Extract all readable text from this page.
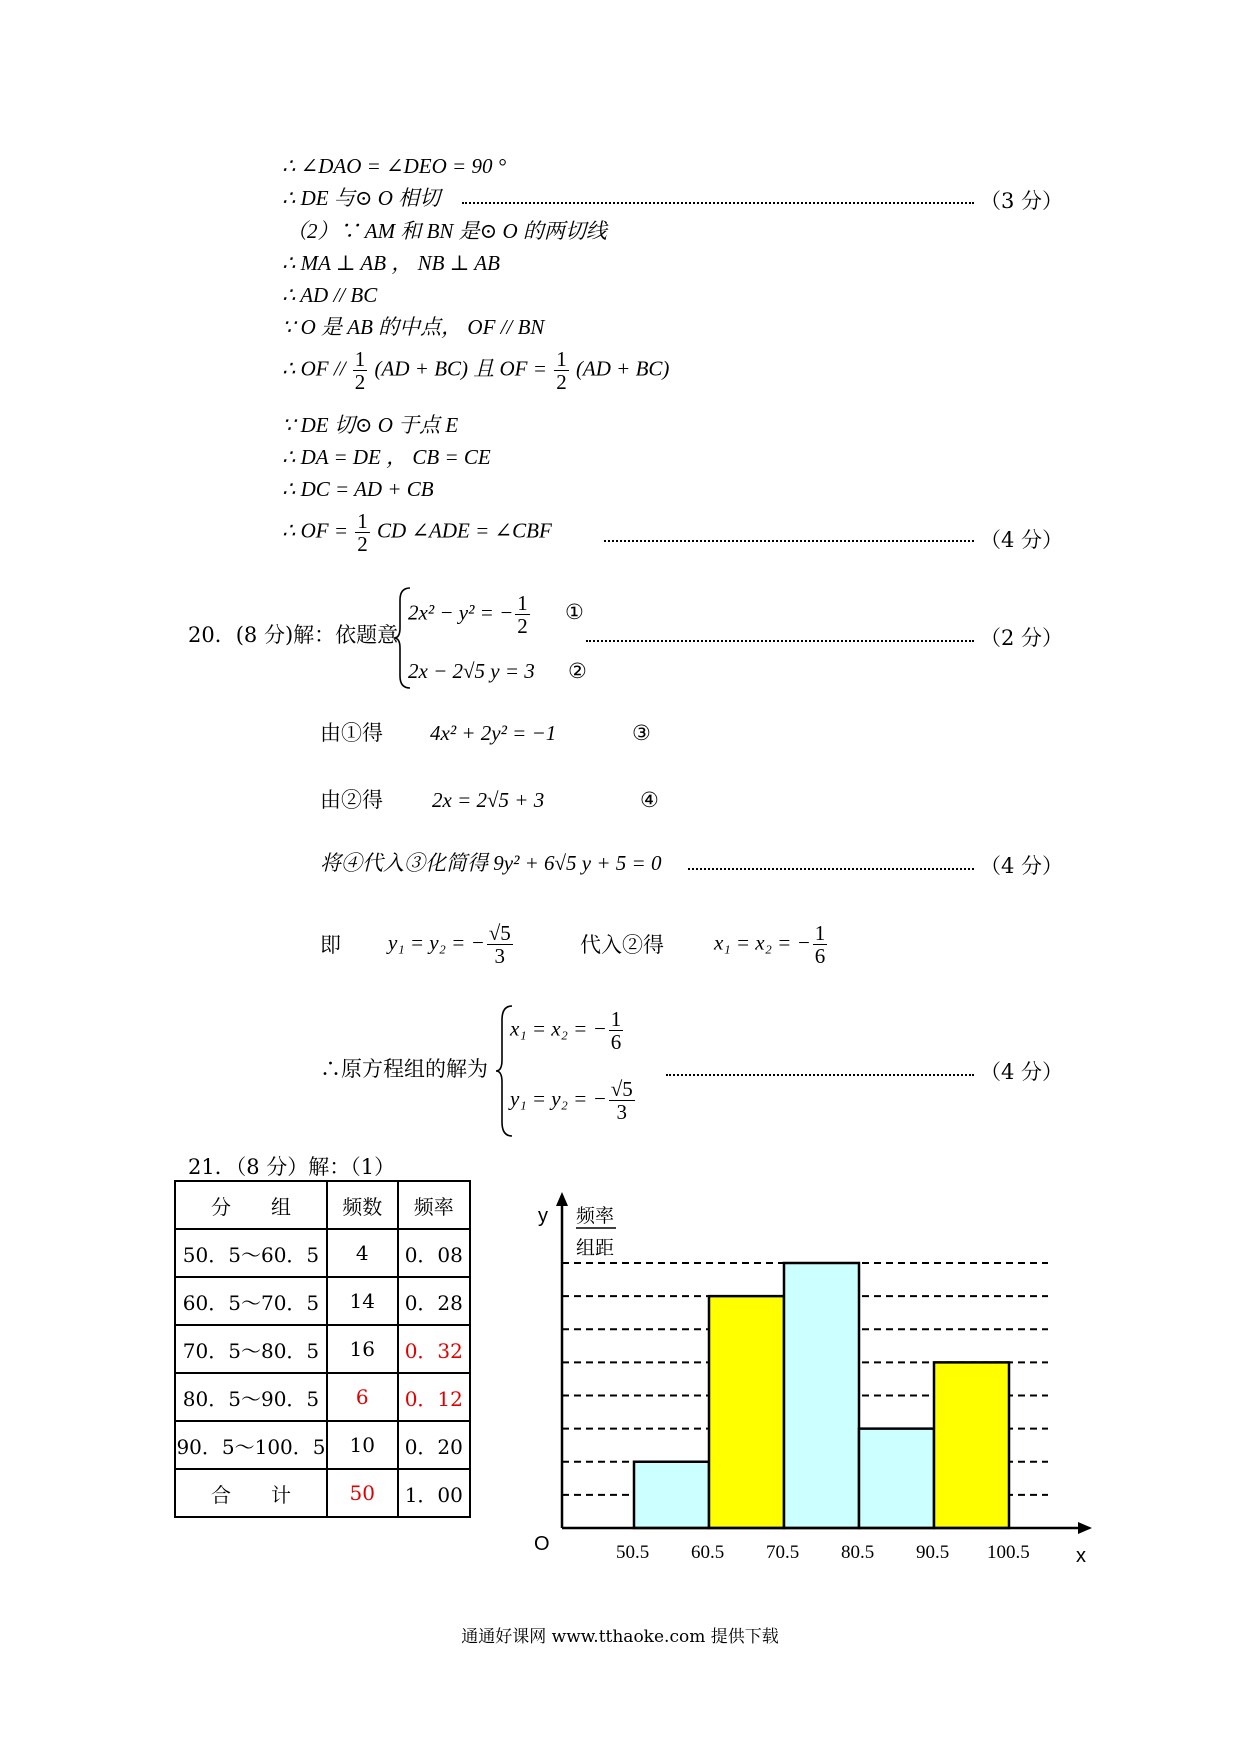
∴ ∠DAO = ∠DEO = 90 °
∴ DE 与⊙ O 相切	（3 分）
（2）∵ AM 和 BN 是⊙ O 的两切线
∴ MA ⊥ AB ， NB ⊥ AB
∴ AD // BC
∵ O 是 AB 的中点， OF // BN
∴ OF // $\frac{1}{2} (AD + BC)$ 且 OF = $\frac{1}{2} (AD + BC)$
∵ DE 切⊙ O 于点 E
∴ DA = DE ， CB = CE
∴ DC = AD + CB
∴ OF = $\frac{1}{2}$ CD ∠ADE = ∠CBF	（4 分）
20．(8 分)解：依题意
2x² − y² = − $\frac{1}{2}$ ①
2x − 2√5 y = 3 ②
（2 分）
由①得 4x² + 2y² = −1	③
由②得 2x = 2√5 + 3	④
将④代入③化简得 9y² + 6√5 y + 5 = 0	（4 分）
即 y₁ = y₂ = − $\frac{√5}{3}$	代入②得 x₁ = x₂ = − $\frac{1}{6}$
∴原方程组的解为
x₁ = x₂ = − $\frac{1}{6}$
y₁ = y₂ = − $\frac{√5}{3}$
（4 分）
21．（8 分）解：（1）
分　　组	频数	频率
50．5～60．5	4	0．08
60．5～70．5	14	0．28
70．5～80．5	16	0．32
80．5～90．5	6	0．12
90．5～100．5	10	0．20
合　　计	50	1．00
y 频率
组距
O
x
50.5 60.5 70.5 80.5 90.5 100.5
通通好课网 www.tthaoke.com 提供下载
